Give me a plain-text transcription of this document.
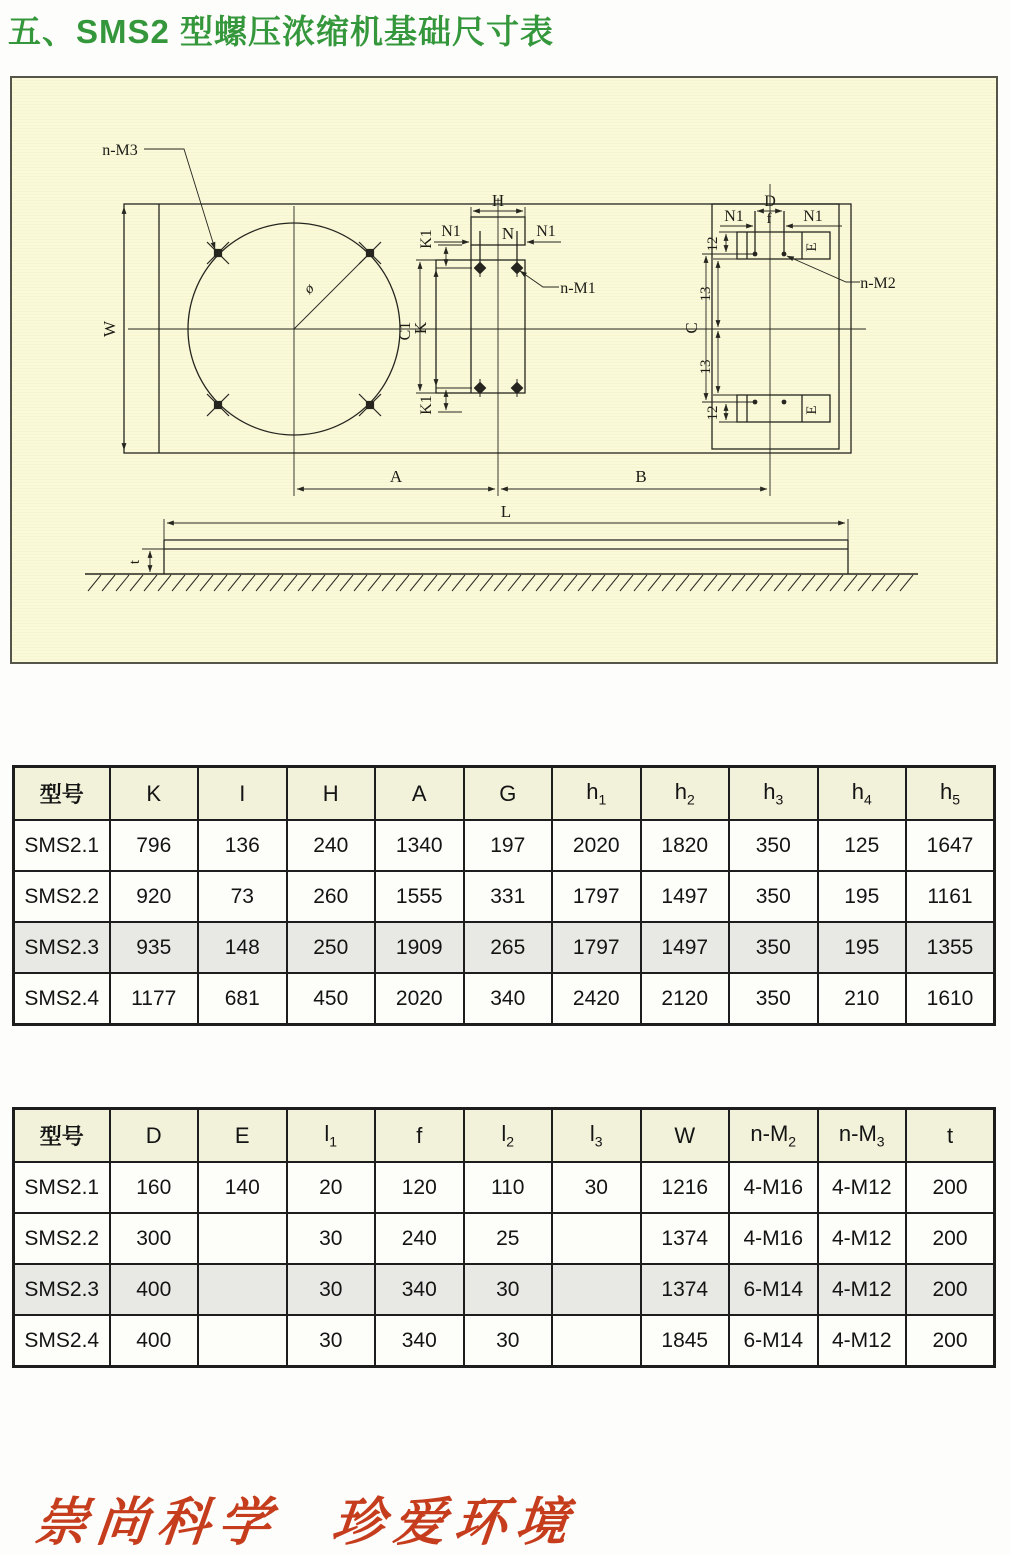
五、SMS2 型螺压浓缩机基础尺寸表
n-M3
ø
W
H
N
N1	N1
K1
K
C1
K1
n-M1
D
f
N1	N1
12
13
C
13
12
E
E
n-M2
A	B
L
t
型号	K	I	H	A	G	$h_1$	$h_2$	$h_3$	$h_4$	$h_5$
SMS2.1	796	136	240	1340	197	2020	1820	350	125	1647
SMS2.2	920	73	260	1555	331	1797	1497	350	195	1161
SMS2.3	935	148	250	1909	265	1797	1497	350	195	1355
SMS2.4	1177	681	450	2020	340	2420	2120	350	210	1610
型号	D	E	$l_1$	f	$l_2$	$l_3$	W	$n-M_2$	$n-M_3$	t
SMS2.1	160	140	20	120	110	30	1216	4-M16	4-M12	200
SMS2.2	300		30	240	25		1374	4-M16	4-M12	200
SMS2.3	400		30	340	30		1374	6-M14	4-M12	200
SMS2.4	400		30	340	30		1845	6-M14	4-M12	200
崇尚科学 珍爱环境
